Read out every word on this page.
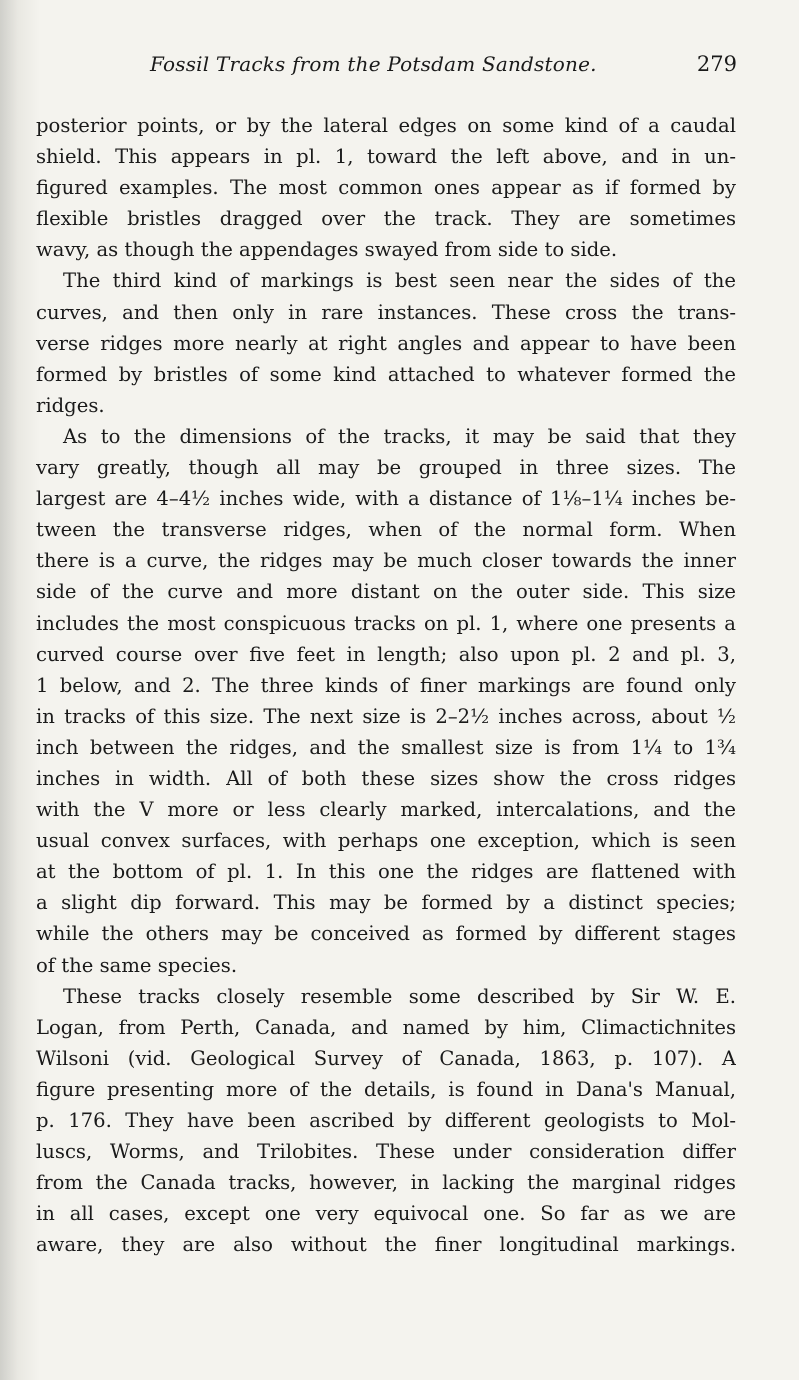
Fossil Tracks from the Potsdam Sandstone.	279
posterior points, or by the lateral edges on some kind of a caudal
shield. This appears in pl. 1, toward the left above, and in un-
figured examples. The most common ones appear as if formed by
flexible bristles dragged over the track. They are sometimes
wavy, as though the appendages swayed from side to side.
The third kind of markings is best seen near the sides of the
curves, and then only in rare instances. These cross the trans-
verse ridges more nearly at right angles and appear to have been
formed by bristles of some kind attached to whatever formed the
ridges.
As to the dimensions of the tracks, it may be said that they
vary greatly, though all may be grouped in three sizes. The
largest are 4–4½ inches wide, with a distance of 1⅛–1¼ inches be-
tween the transverse ridges, when of the normal form. When
there is a curve, the ridges may be much closer towards the inner
side of the curve and more distant on the outer side. This size
includes the most conspicuous tracks on pl. 1, where one presents a
curved course over five feet in length; also upon pl. 2 and pl. 3,
1 below, and 2. The three kinds of finer markings are found only
in tracks of this size. The next size is 2–2½ inches across, about ½
inch between the ridges, and the smallest size is from 1¼ to 1¾
inches in width. All of both these sizes show the cross ridges
with the V more or less clearly marked, intercalations, and the
usual convex surfaces, with perhaps one exception, which is seen
at the bottom of pl. 1. In this one the ridges are flattened with
a slight dip forward. This may be formed by a distinct species;
while the others may be conceived as formed by different stages
of the same species.
These tracks closely resemble some described by Sir W. E.
Logan, from Perth, Canada, and named by him, Climactichnites
Wilsoni (vid. Geological Survey of Canada, 1863, p. 107). A
figure presenting more of the details, is found in Dana's Manual,
p. 176. They have been ascribed by different geologists to Mol-
luscs, Worms, and Trilobites. These under consideration differ
from the Canada tracks, however, in lacking the marginal ridges
in all cases, except one very equivocal one. So far as we are
aware, they are also without the finer longitudinal markings.
